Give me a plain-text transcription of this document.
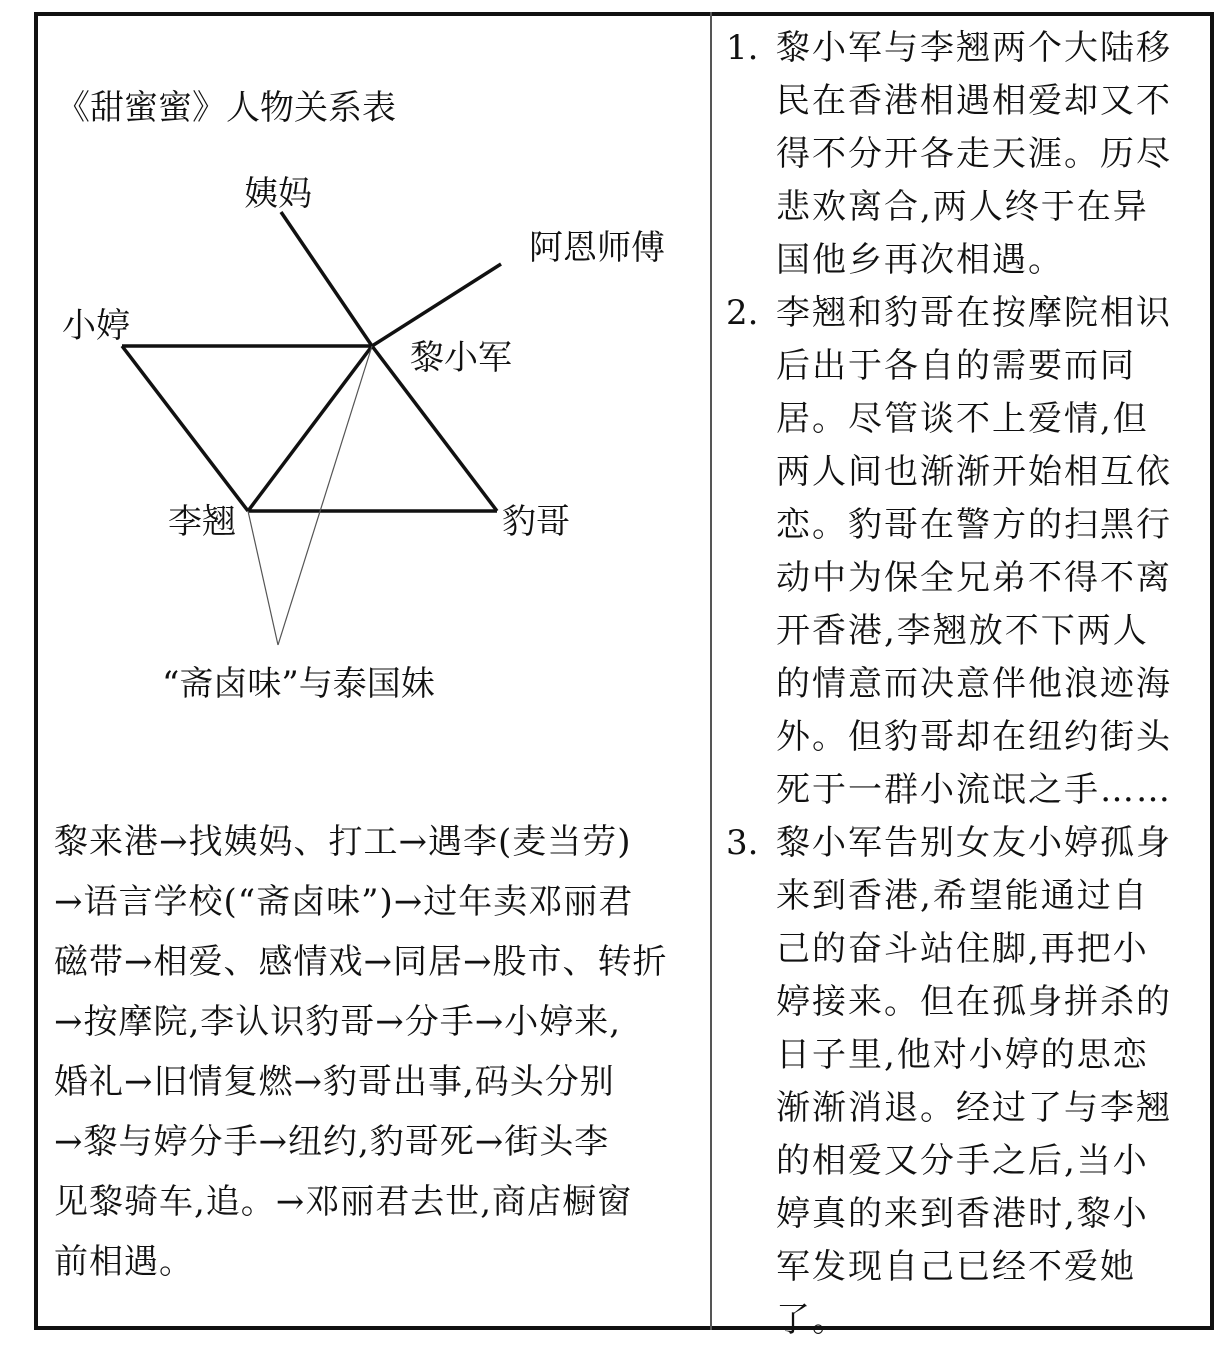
《甜蜜蜜》人物关系表
姨妈
阿恩师傅
小婷
黎小军
李翘	豹哥
“斋卤味”与泰国妹

黎来港→找姨妈、打工→遇李(麦当劳)

→语言学校(“斋卤味”)→过年卖邓丽君

磁带→相爱、感情戏→同居→股市、转折

→按摩院,李认识豹哥→分手→小婷来,

婚礼→旧情复燃→豹哥出事,码头分别

→黎与婷分手→纽约,豹哥死→街头李

见黎骑车,追。→邓丽君去世,商店橱窗

前相遇。

1. 黎小军与李翘两个大陆移
民在香港相遇相爱却又不
得不分开各走天涯。历尽
悲欢离合,两人终于在异
国他乡再次相遇。
2. 李翘和豹哥在按摩院相识
后出于各自的需要而同
居。尽管谈不上爱情,但
两人间也渐渐开始相互依
恋。豹哥在警方的扫黑行
动中为保全兄弟不得不离
开香港,李翘放不下两人
的情意而决意伴他浪迹海
外。但豹哥却在纽约街头
死于一群小流氓之手……
3. 黎小军告别女友小婷孤身
来到香港,希望能通过自
己的奋斗站住脚,再把小
婷接来。但在孤身拼杀的
日子里,他对小婷的思恋
渐渐消退。经过了与李翘
的相爱又分手之后,当小
婷真的来到香港时,黎小
军发现自己已经不爱她
了。
